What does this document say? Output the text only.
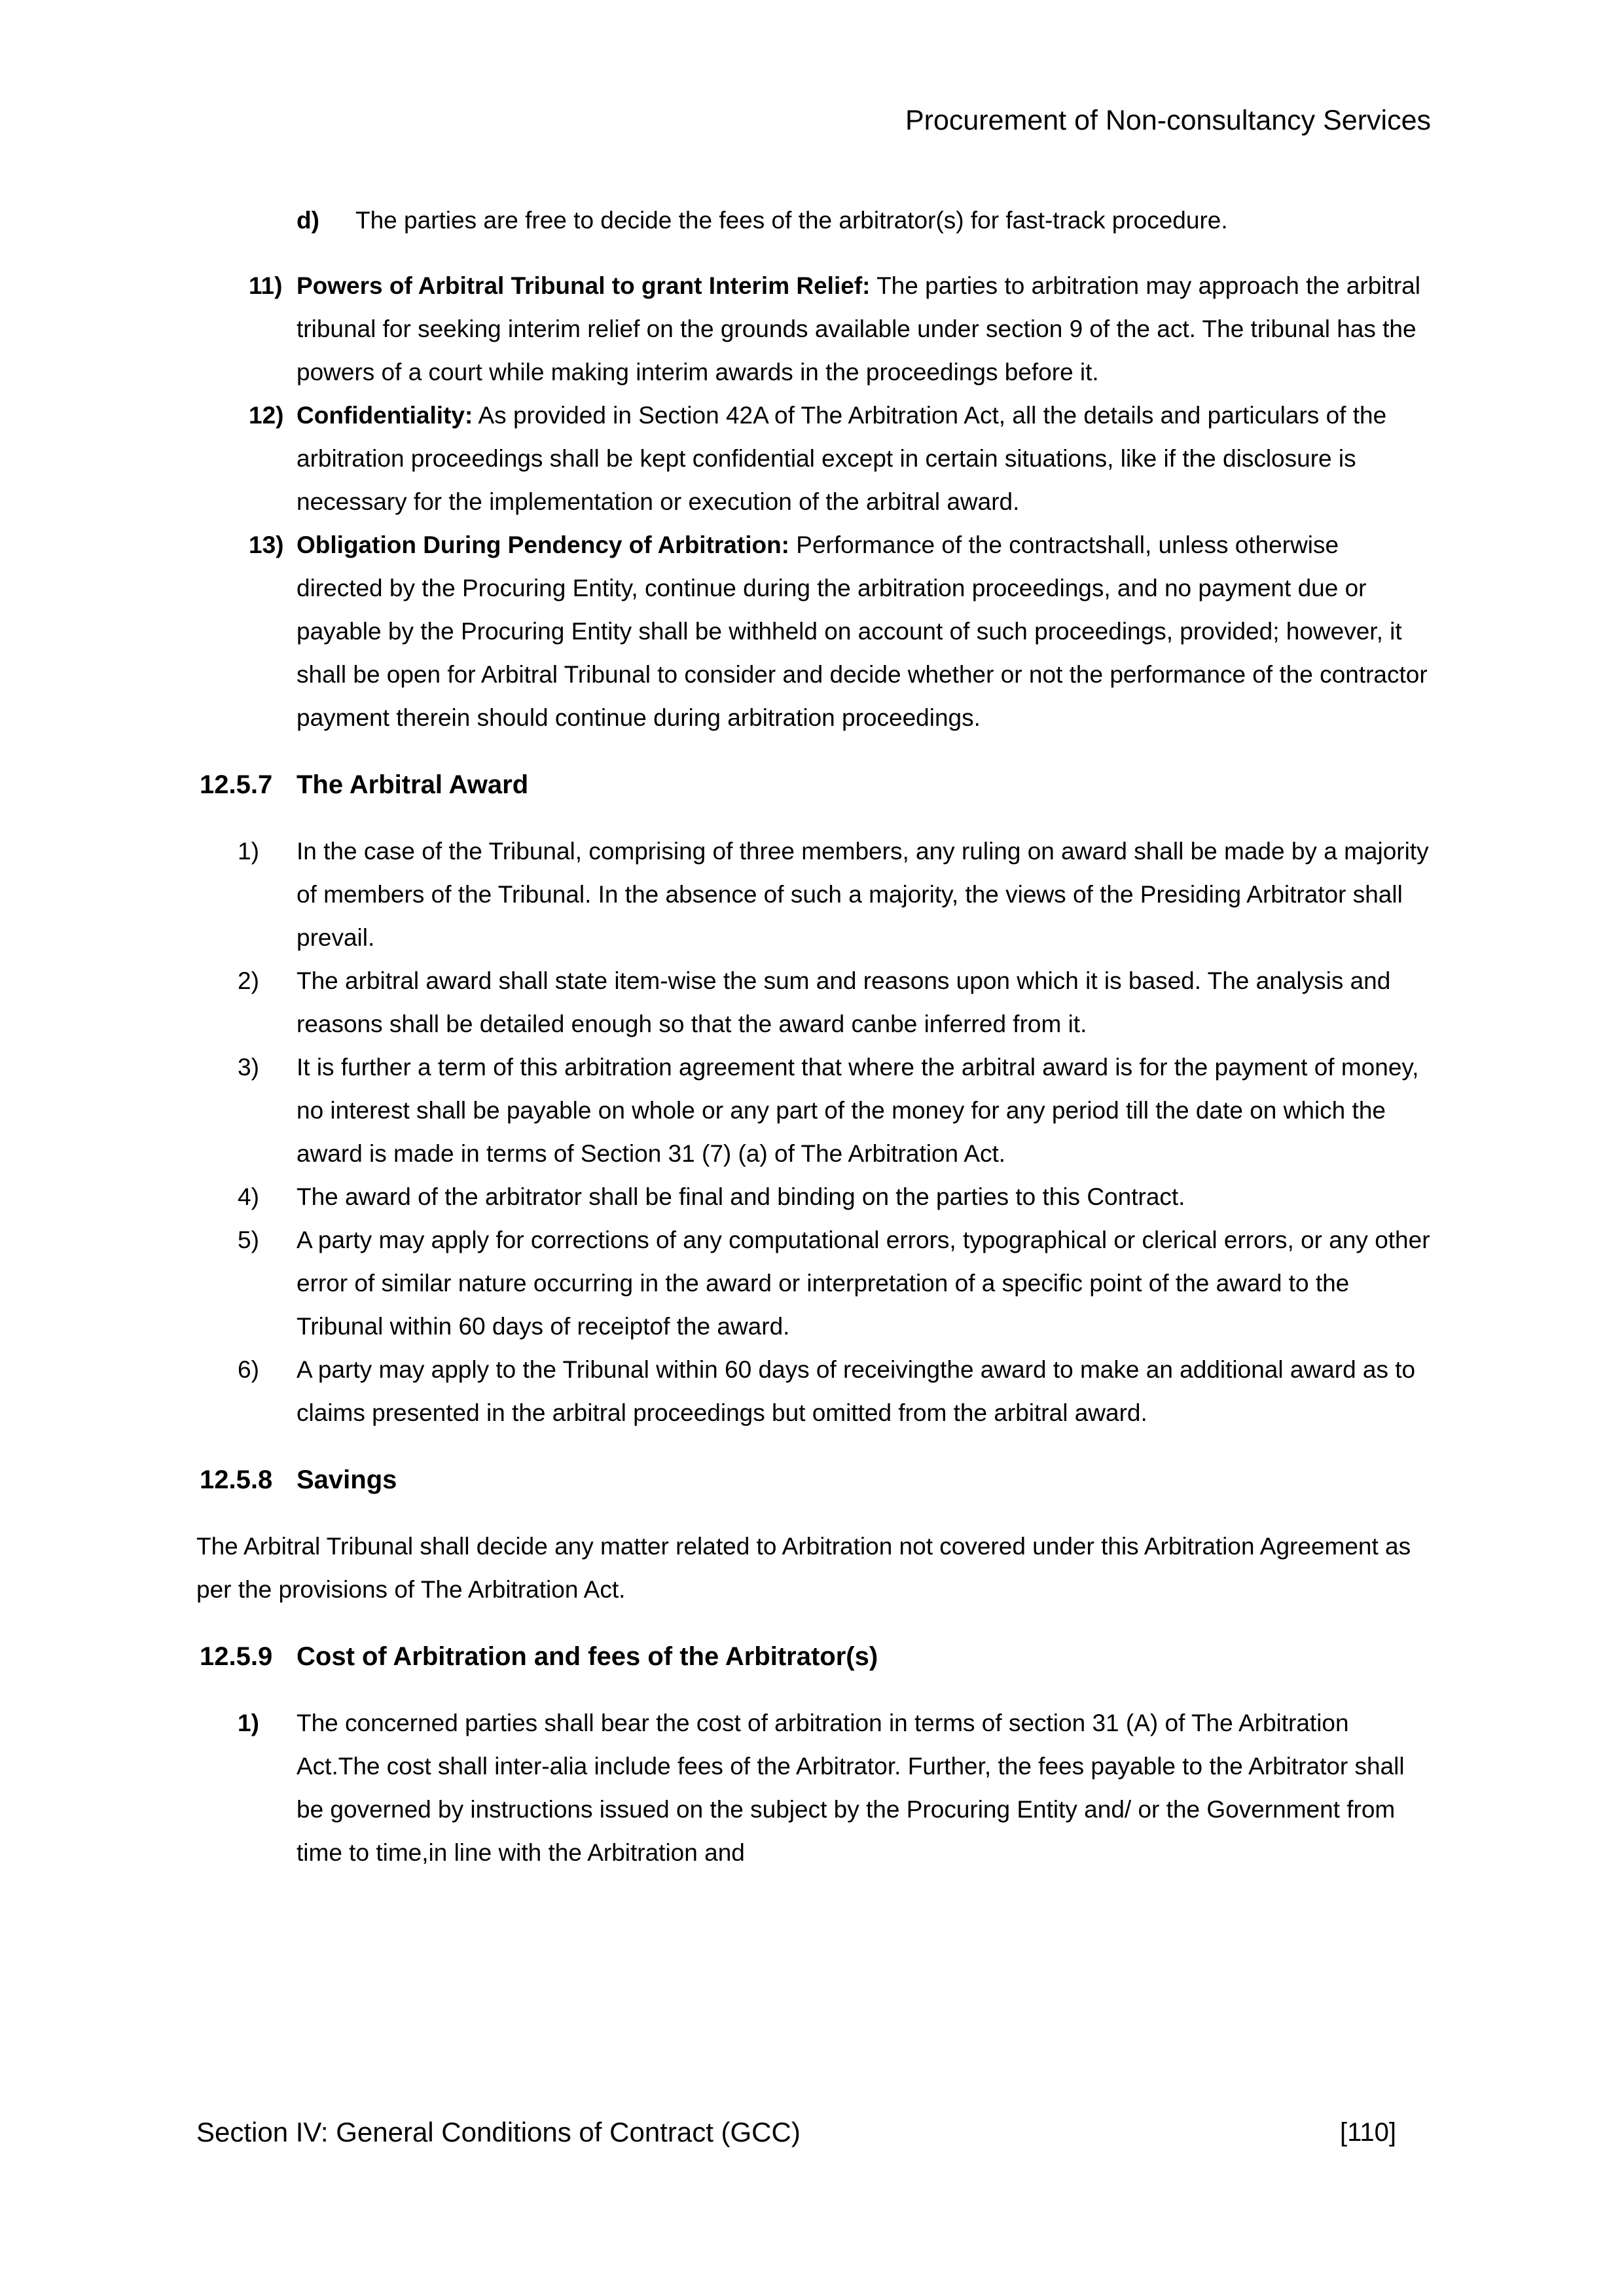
Procurement of Non-consultancy Services
d)	The parties are free to decide the fees of the arbitrator(s) for fast-track procedure.
11) Powers of Arbitral Tribunal to grant Interim Relief: The parties to arbitration may approach the arbitral tribunal for seeking interim relief on the grounds available under section 9 of the act. The tribunal has the powers of a court while making interim awards in the proceedings before it.
12) Confidentiality: As provided in Section 42A of The Arbitration Act, all the details and particulars of the arbitration proceedings shall be kept confidential except in certain situations, like if the disclosure is necessary for the implementation or execution of the arbitral award.
13) Obligation During Pendency of Arbitration: Performance of the contractshall, unless otherwise directed by the Procuring Entity, continue during the arbitration proceedings, and no payment due or payable by the Procuring Entity shall be withheld on account of such proceedings, provided; however, it shall be open for Arbitral Tribunal to consider and decide whether or not the performance of the contractor payment therein should continue during arbitration proceedings.
12.5.7 The Arbitral Award
1)	In the case of the Tribunal, comprising of three members, any ruling on award shall be made by a majority of members of the Tribunal. In the absence of such a majority, the views of the Presiding Arbitrator shall prevail.
2)	The arbitral award shall state item-wise the sum and reasons upon which it is based. The analysis and reasons shall be detailed enough so that the award canbe inferred from it.
3)	It is further a term of this arbitration agreement that where the arbitral award is for the payment of money, no interest shall be payable on whole or any part of the money for any period till the date on which the award is made in terms of Section 31 (7) (a) of The Arbitration Act.
4)	The award of the arbitrator shall be final and binding on the parties to this Contract.
5)	A party may apply for corrections of any computational errors, typographical or clerical errors, or any other error of similar nature occurring in the award or interpretation of a specific point of the award to the Tribunal within 60 days of receiptof the award.
6)	A party may apply to the Tribunal within 60 days of receivingthe award to make an additional award as to claims presented in the arbitral proceedings but omitted from the arbitral award.
12.5.8 Savings

The Arbitral Tribunal shall decide any matter related to Arbitration not covered under this Arbitration Agreement as per the provisions of The Arbitration Act.

12.5.9 Cost of Arbitration and fees of the Arbitrator(s)
1)	The concerned parties shall bear the cost of arbitration in terms of section 31 (A) of The Arbitration Act.The cost shall inter-alia include fees of the Arbitrator. Further, the fees payable to the Arbitrator shall be governed by instructions issued on the subject by the Procuring Entity and/ or the Government from time to time,in line with the Arbitration and
Section IV: General Conditions of Contract (GCC)	[110]
